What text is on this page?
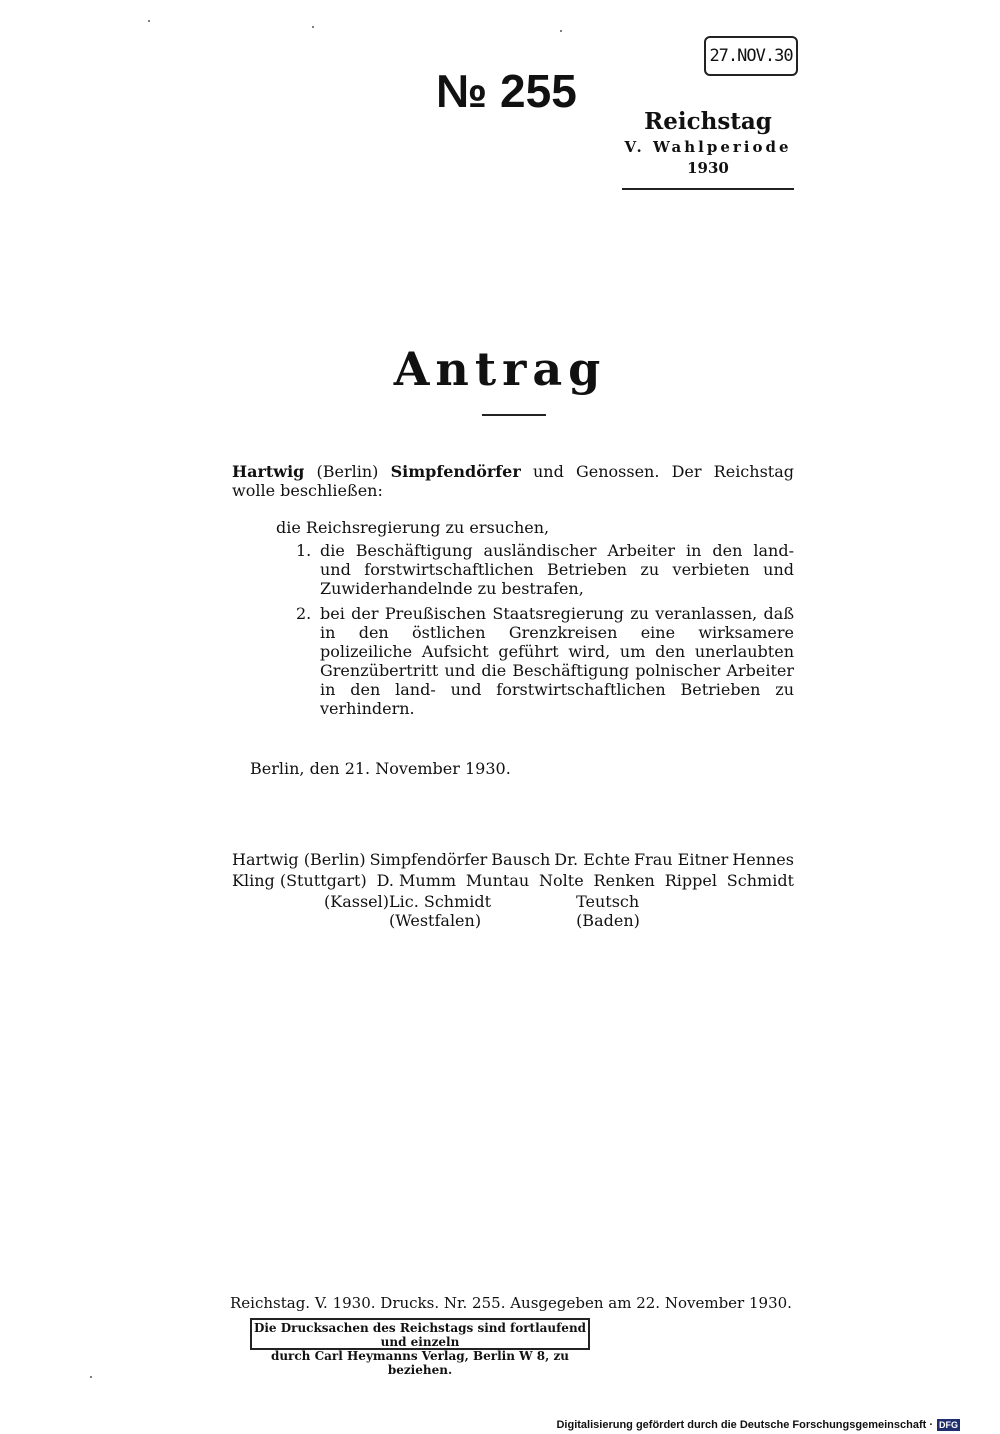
27.NOV.30
№ 255
Reichstag
V. Wahlperiode
1930
Antrag
Hartwig (Berlin) Simpfendörfer und Genossen. Der Reichstag wolle beschließen:
die Reichsregierung zu ersuchen,
1. die Beschäftigung ausländischer Arbeiter in den land- und forstwirtschaftlichen Betrieben zu verbieten und Zuwiderhandelnde zu bestrafen,
2. bei der Preußischen Staatsregierung zu veranlassen, daß in den östlichen Grenzkreisen eine wirksamere polizeiliche Aufsicht geführt wird, um den unerlaubten Grenzübertritt und die Beschäftigung polnischer Arbeiter in den land- und forstwirtschaftlichen Betrieben zu verhindern.
Berlin, den 21. November 1930.
Hartwig (Berlin) Simpfendörfer Bausch Dr. Echte Frau Eitner Hennes
Kling (Stuttgart) D. Mumm Muntau Nolte Renken Rippel Schmidt
(Kassel) Lic. Schmidt (Westfalen)
Teutsch (Baden)
Reichstag. V. 1930. Drucks. Nr. 255. Ausgegeben am 22. November 1930.
Die Drucksachen des Reichstags sind fortlaufend und einzeln
durch Carl Heymanns Verlag, Berlin W 8, zu beziehen.
Digitalisierung gefördert durch die Deutsche Forschungsgemeinschaft · DFG
